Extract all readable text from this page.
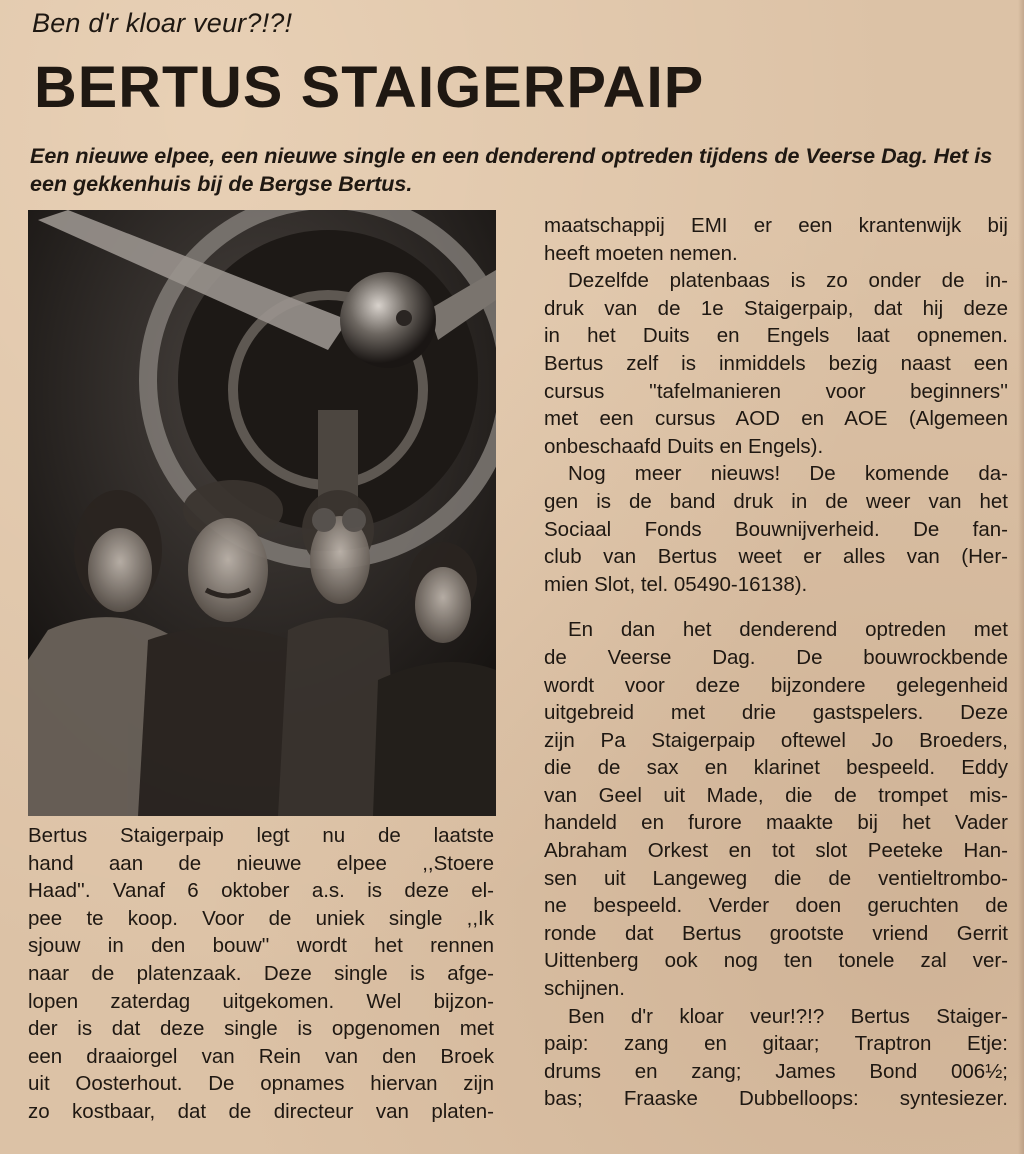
Ben d'r kloar veur?!?!
BERTUS STAIGERPAIP
Een nieuwe elpee, een nieuwe single en een denderend optreden tijdens de Veerse Dag. Het is een gekkenhuis bij de Bergse Bertus.

Bertus Staigerpaip legt nu de laatste
hand aan de nieuwe elpee ,,Stoere
Haad''. Vanaf 6 oktober a.s. is deze el-
pee te koop. Voor de uniek single ,,Ik
sjouw in den bouw'' wordt het rennen
naar de platenzaak. Deze single is afge-
lopen zaterdag uitgekomen. Wel bijzon-
der is dat deze single is opgenomen met
een draaiorgel van Rein van den Broek
uit Oosterhout. De opnames hiervan zijn
zo kostbaar, dat de directeur van platen-

maatschappij EMI er een krantenwijk bij
heeft moeten nemen.

Dezelfde platenbaas is zo onder de in-
druk van de 1e Staigerpaip, dat hij deze
in het Duits en Engels laat opnemen.
Bertus zelf is inmiddels bezig naast een
cursus ''tafelmanieren voor beginners''
met een cursus AOD en AOE (Algemeen
onbeschaafd Duits en Engels).

Nog meer nieuws! De komende da-
gen is de band druk in de weer van het
Sociaal Fonds Bouwnijverheid. De fan-
club van Bertus weet er alles van (Her-
mien Slot, tel. 05490-16138).

En dan het denderend optreden met
de Veerse Dag. De bouwrockbende
wordt voor deze bijzondere gelegenheid
uitgebreid met drie gastspelers. Deze
zijn Pa Staigerpaip oftewel Jo Broeders,
die de sax en klarinet bespeeld. Eddy
van Geel uit Made, die de trompet mis-
handeld en furore maakte bij het Vader
Abraham Orkest en tot slot Peeteke Han-
sen uit Langeweg die de ventieltrombo-
ne bespeeld. Verder doen geruchten de
ronde dat Bertus grootste vriend Gerrit
Uittenberg ook nog ten tonele zal ver-
schijnen.

Ben d'r kloar veur!?!? Bertus Staiger-
paip: zang en gitaar; Traptron Etje:
drums en zang; James Bond 006½;
bas; Fraaske Dubbelloops: syntesiezer.
